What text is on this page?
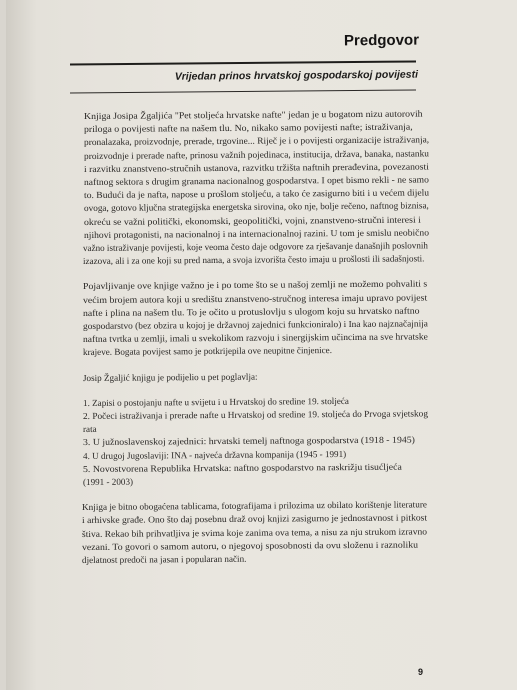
Predgovor
Vrijedan prinos hrvatskoj gospodarskoj povijesti
Knjiga Josipa Žgaljića "Pet stoljeća hrvatske nafte" jedan je u bogatom nizu autorovih
priloga o povijesti nafte na našem tlu. No, nikako samo povijesti nafte; istraživanja,
pronalazaka, proizvodnje, prerade, trgovine... Riječ je i o povijesti organizacije istraživanja,
proizvodnje i prerade nafte, prinosu važnih pojedinaca, institucija, država, banaka, nastanku
i razvitku znanstveno-stručnih ustanova, razvitku tržišta naftnih prerađevina, povezanosti
naftnog sektora s drugim granama nacionalnog gospodarstva. I opet bismo rekli - ne samo
to. Budući da je nafta, napose u prošlom stoljeću, a tako će zasigurno biti i u većem dijelu
ovoga, gotovo ključna strategijska energetska sirovina, oko nje, bolje rečeno, naftnog biznisa,
okreću se važni politički, ekonomski, geopolitički, vojni, znanstveno-stručni interesi i
njihovi protagonisti, na nacionalnoj i na internacionalnoj razini. U tom je smislu neobično
važno istraživanje povijesti, koje veoma često daje odgovore za rješavanje današnjih poslovnih
izazova, ali i za one koji su pred nama, a svoja izvorišta često imaju u prošlosti ili sadašnjosti.
Pojavljivanje ove knjige važno je i po tome što se u našoj zemlji ne možemo pohvaliti s
većim brojem autora koji u središtu znanstveno-stručnog interesa imaju upravo povijest
nafte i plina na našem tlu. To je očito u protuslovlju s ulogom koju su hrvatsko naftno
gospodarstvo (bez obzira u kojoj je državnoj zajednici funkcioniralo) i Ina kao najznačajnija
naftna tvrtka u zemlji, imali u svekolikom razvoju i sinergijskim učincima na sve hrvatske
krajeve. Bogata povijest samo je potkrijepila ove neupitne činjenice.
Josip Žgaljić knjigu je podijelio u pet poglavlja:
1. Zapisi o postojanju nafte u svijetu i u Hrvatskoj do sredine 19. stoljeća
2. Počeci istraživanja i prerade nafte u Hrvatskoj od sredine 19. stoljeća do Prvoga svjetskog
rata
3. U južnoslavenskoj zajednici: hrvatski temelj naftnoga gospodarstva (1918 - 1945)
4. U drugoj Jugoslaviji: INA - najveća državna kompanija (1945 - 1991)
5. Novostvorena Republika Hrvatska: naftno gospodarstvo na raskrižju tisućljeća
(1991 - 2003)
Knjiga je bitno obogaćena tablicama, fotografijama i prilozima uz obilato korištenje literature
i arhivske građe. Ono što daj posebnu draž ovoj knjizi zasigurno je jednostavnost i pitkost
štiva. Rekao bih prihvatljiva je svima koje zanima ova tema, a nisu za nju strukom izravno
vezani. To govori o samom autoru, o njegovoj sposobnosti da ovu složenu i raznoliku
djelatnost predoči na jasan i popularan način.
9
